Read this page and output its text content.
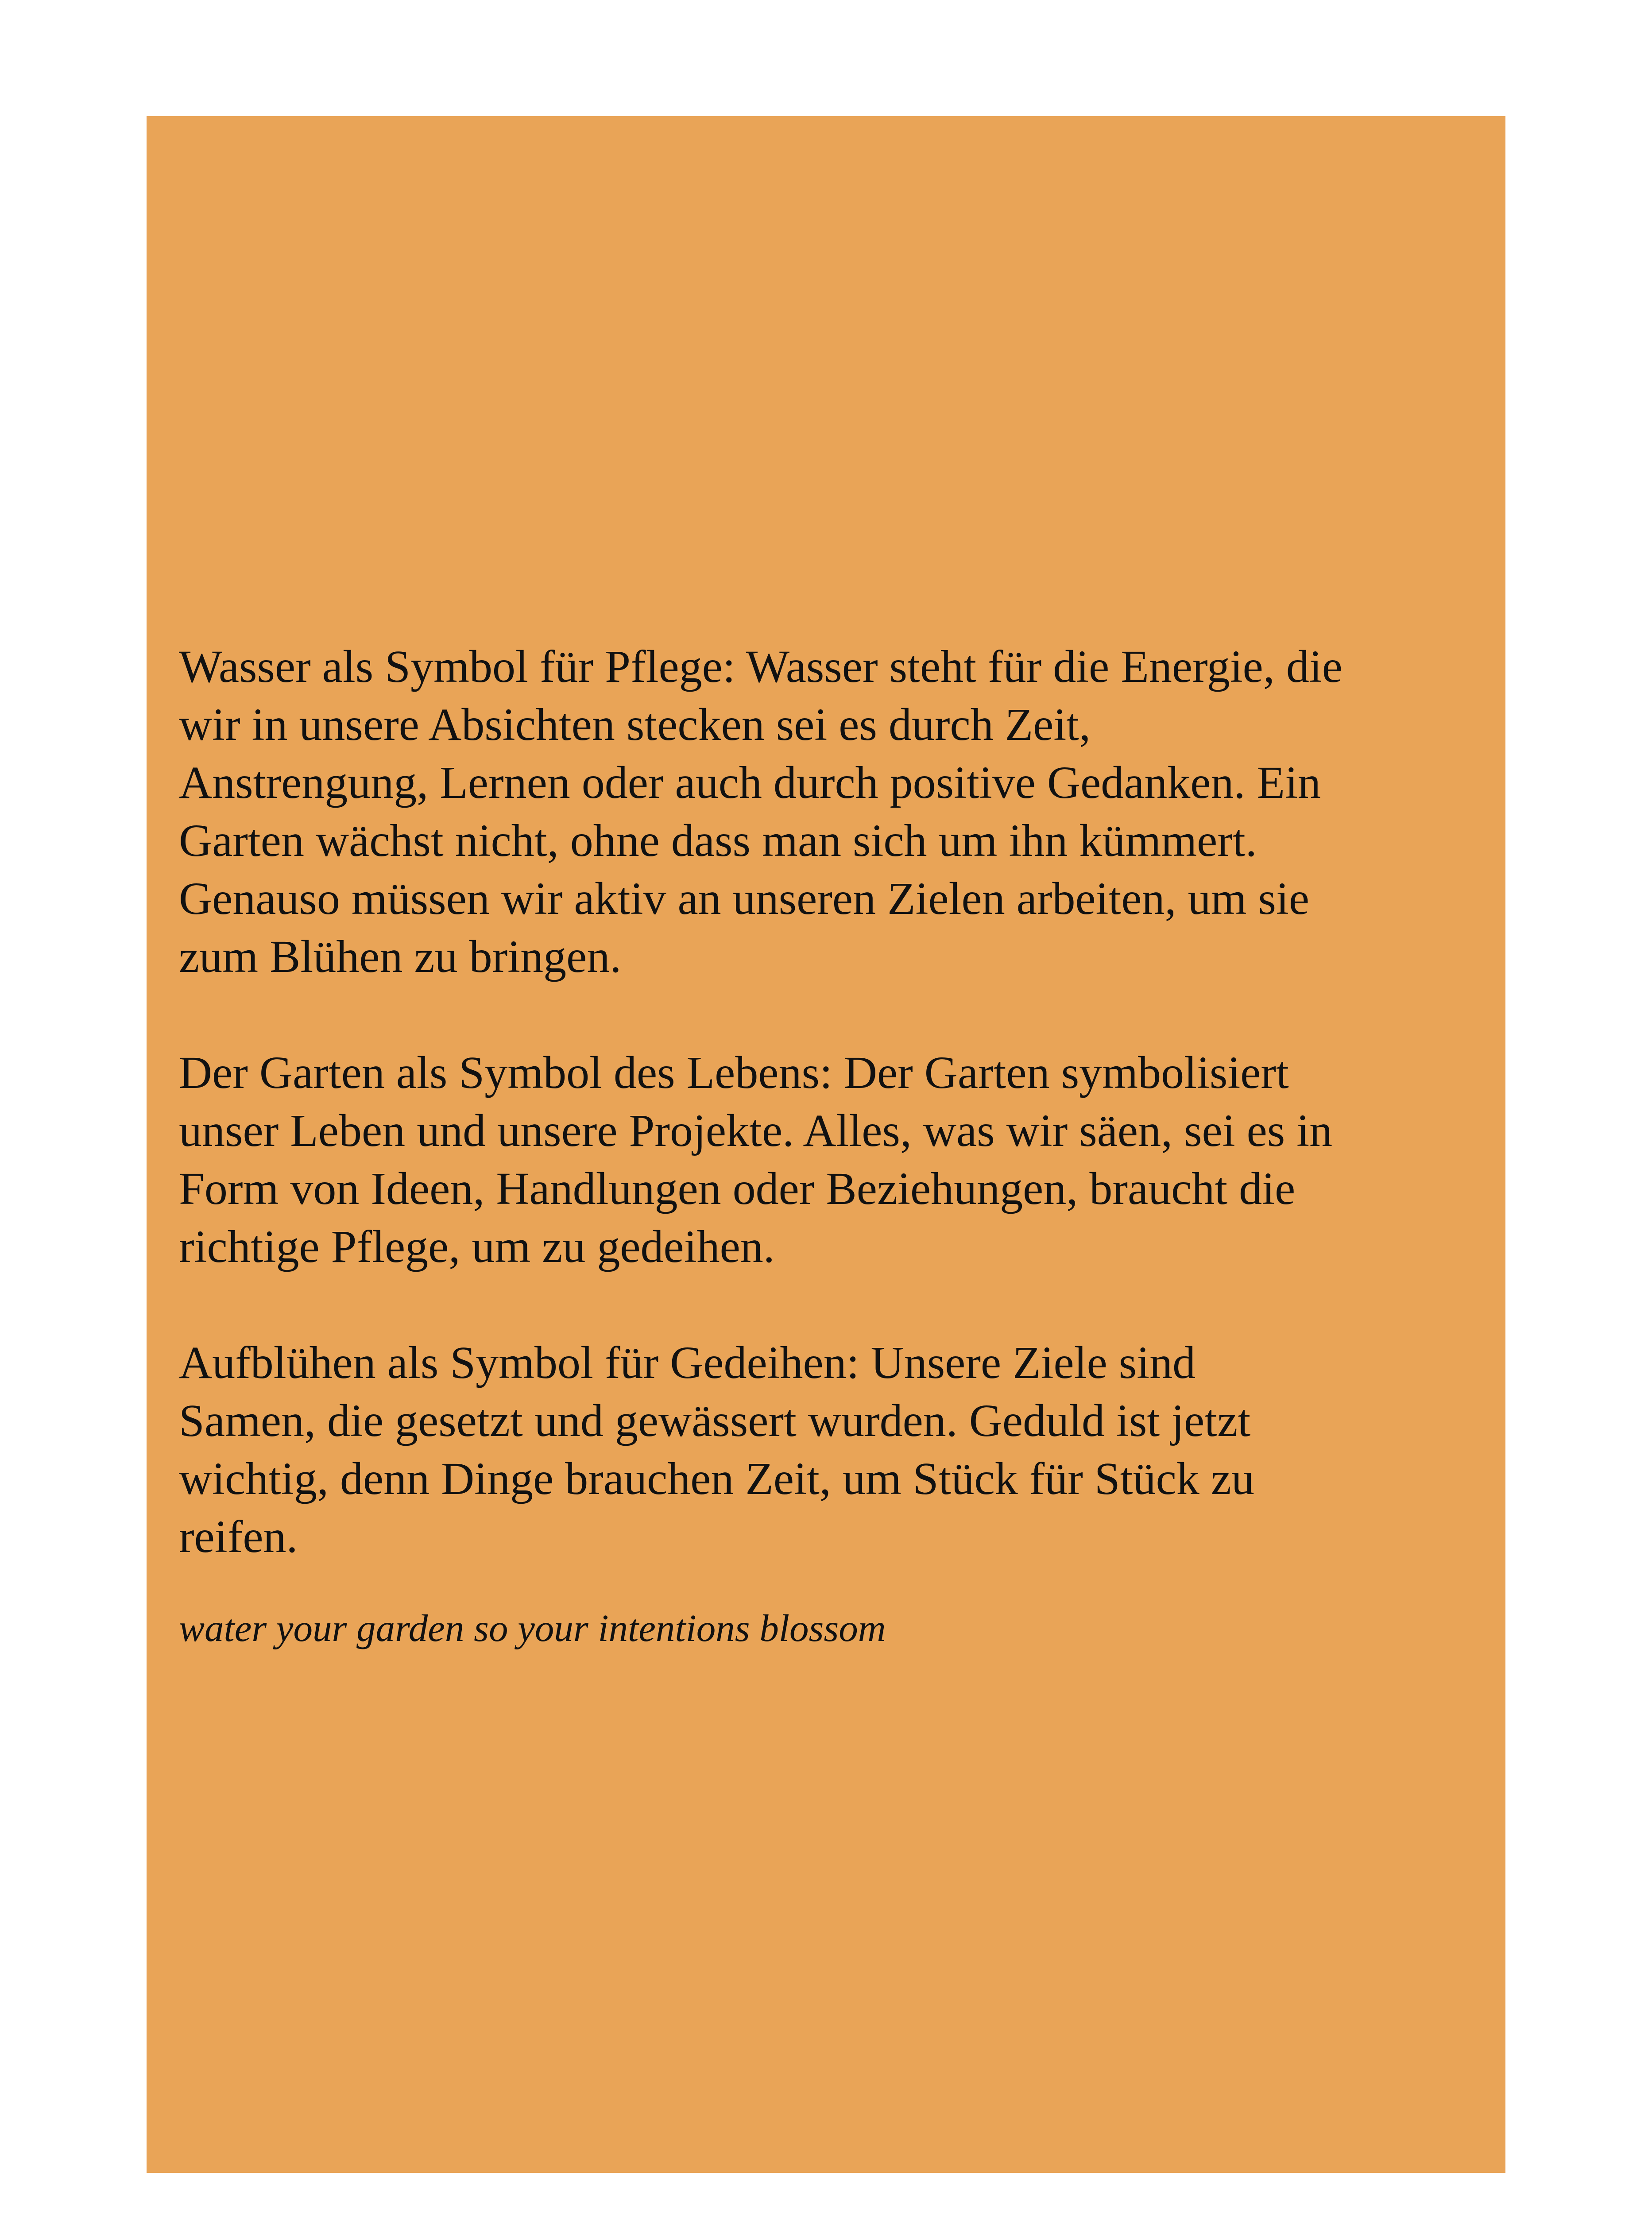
Wasser als Symbol für Pflege: Wasser steht für die Energie, die
wir in unsere Absichten stecken sei es durch Zeit,
Anstrengung, Lernen oder auch durch positive Gedanken. Ein
Garten wächst nicht, ohne dass man sich um ihn kümmert.
Genauso müssen wir aktiv an unseren Zielen arbeiten, um sie
zum Blühen zu bringen.

Der Garten als Symbol des Lebens: Der Garten symbolisiert
unser Leben und unsere Projekte. Alles, was wir säen, sei es in
Form von Ideen, Handlungen oder Beziehungen, braucht die
richtige Pflege, um zu gedeihen.

Aufblühen als Symbol für Gedeihen: Unsere Ziele sind
Samen, die gesetzt und gewässert wurden. Geduld ist jetzt
wichtig, denn Dinge brauchen Zeit, um Stück für Stück zu
reifen.

water your garden so your intentions blossom
